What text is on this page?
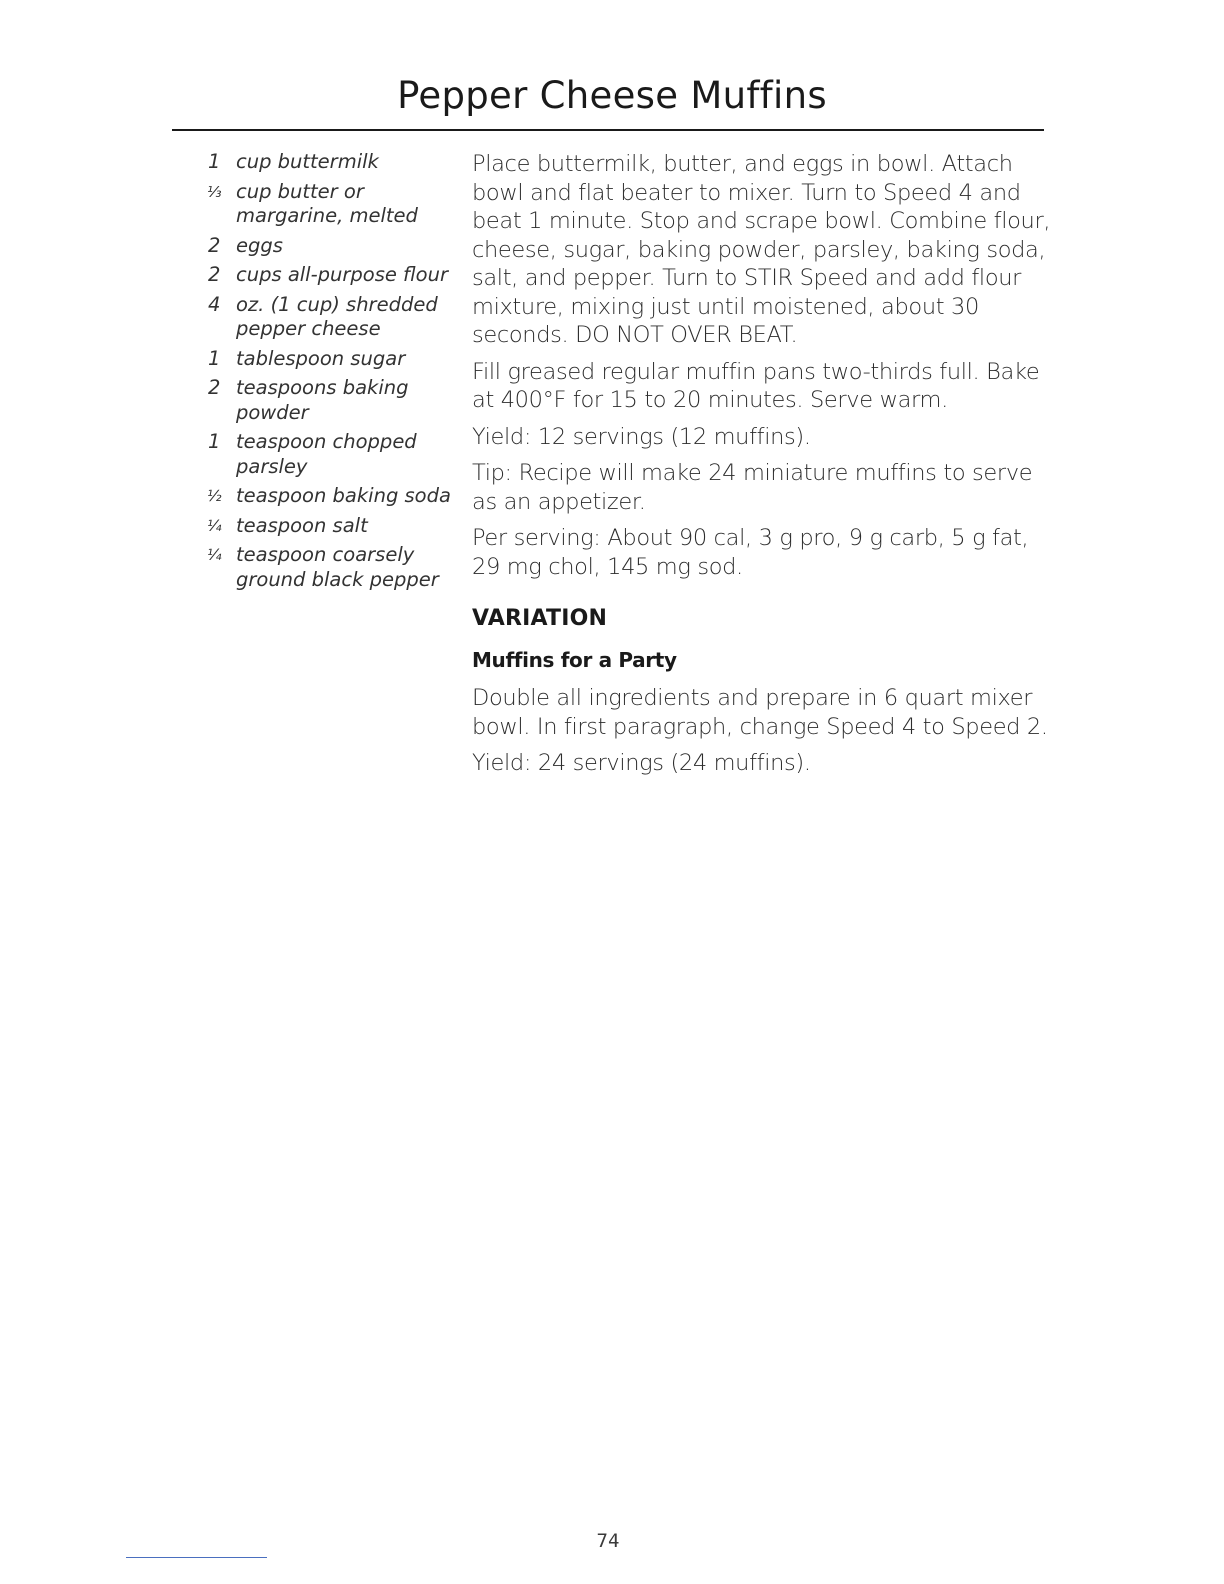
Pepper Cheese Muffins
1 cup buttermilk
⅓ cup butter or margarine, melted
2 eggs
2 cups all-purpose flour
4 oz. (1 cup) shredded pepper cheese
1 tablespoon sugar
2 teaspoons baking powder
1 teaspoon chopped parsley
½ teaspoon baking soda
¼ teaspoon salt
¼ teaspoon coarsely ground black pepper

Place buttermilk, butter, and eggs in bowl. Attach bowl and flat beater to mixer. Turn to Speed 4 and beat 1 minute. Stop and scrape bowl. Combine flour, cheese, sugar, baking powder, parsley, baking soda, salt, and pepper. Turn to STIR Speed and add flour mixture, mixing just until moistened, about 30 seconds. DO NOT OVER BEAT.

Fill greased regular muffin pans two-thirds full. Bake at 400°F for 15 to 20 minutes. Serve warm.

Yield: 12 servings (12 muffins).

Tip: Recipe will make 24 miniature muffins to serve as an appetizer.

Per serving: About 90 cal, 3 g pro, 9 g carb, 5 g fat, 29 mg chol, 145 mg sod.

VARIATION
Muffins for a Party

Double all ingredients and prepare in 6 quart mixer bowl. In first paragraph, change Speed 4 to Speed 2.

Yield: 24 servings (24 muffins).

74
